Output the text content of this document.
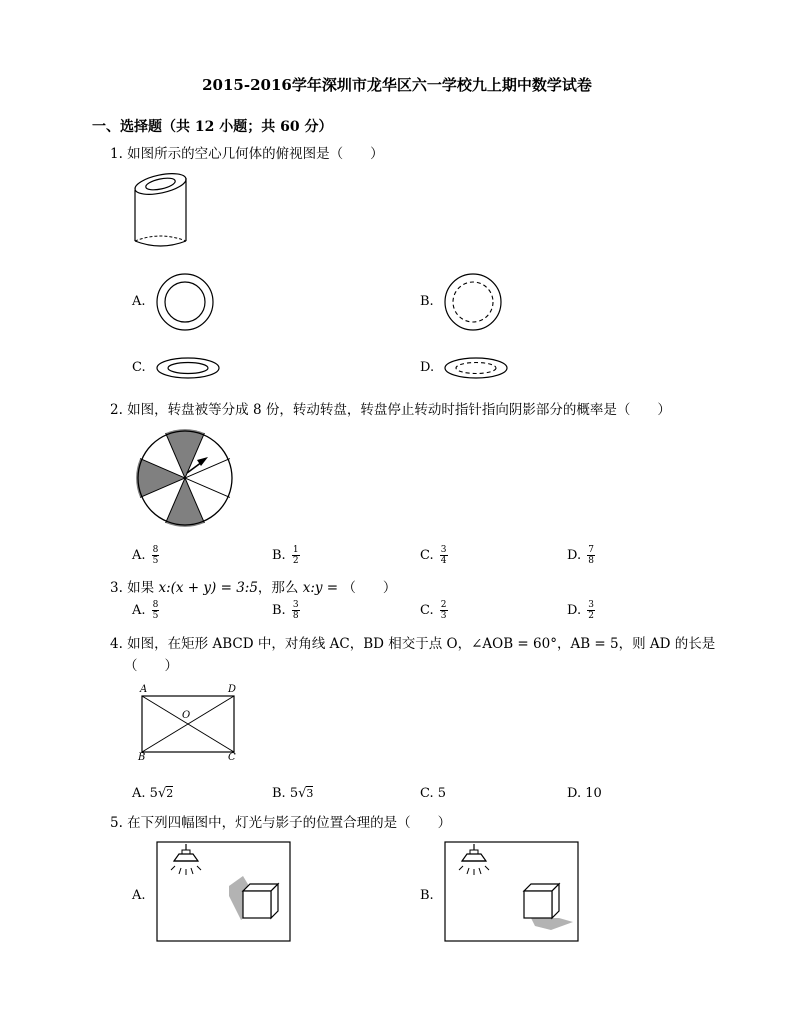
2015-2016学年深圳市龙华区六一学校九上期中数学试卷
一、选择题（共 12 小题；共 60 分）
1. 如图所示的空心几何体的俯视图是（　　）
A.	B.
C.	D.
2. 如图，转盘被等分成 8 份，转动转盘，转盘停止转动时指针指向阴影部分的概率是（　　）
A. $\frac{8}{5}$	B. $\frac{1}{2}$	C. $\frac{3}{4}$	D. $\frac{7}{8}$
3. 如果 x:(x + y) = 3:5，那么 x:y = （　　）
A. $\frac{8}{5}$	B. $\frac{3}{8}$	C. $\frac{2}{3}$	D. $\frac{3}{2}$
4. 如图，在矩形 ABCD 中，对角线 AC，BD 相交于点 O，∠AOB = 60°，AB = 5，则 AD 的长是
（　　）
A	D
O
B	C
A. 5√2	B. 5√3	C. 5	D. 10
5. 在下列四幅图中，灯光与影子的位置合理的是（　　）
A.	B.
